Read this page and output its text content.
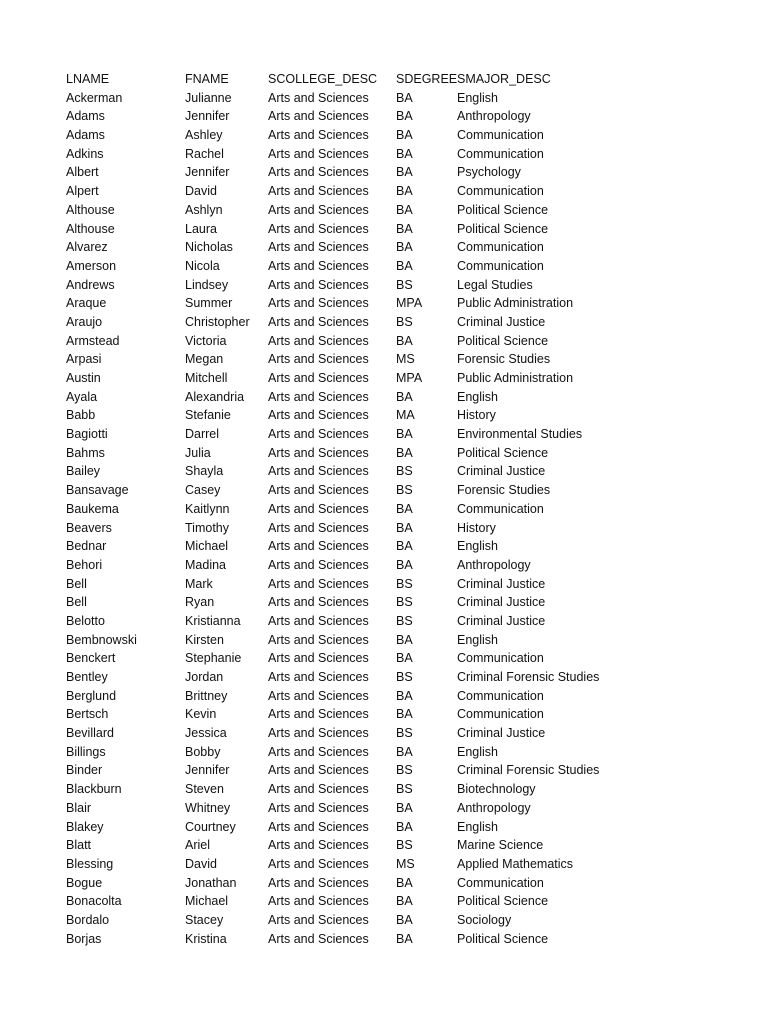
LNAME	FNAME	SCOLLEGE_DESC SDEGREE SMAJOR_DESC
Ackerman	Julianne	Arts and Sciences BA	English
Adams	Jennifer	Arts and Sciences BA	Anthropology
Adams	Ashley	Arts and Sciences BA	Communication
Adkins	Rachel	Arts and Sciences BA	Communication
Albert	Jennifer	Arts and Sciences BA	Psychology
Alpert	David	Arts and Sciences BA	Communication
Althouse	Ashlyn	Arts and Sciences BA	Political Science
Althouse	Laura	Arts and Sciences BA	Political Science
Alvarez	Nicholas	Arts and Sciences BA	Communication
Amerson	Nicola	Arts and Sciences BA	Communication
Andrews	Lindsey	Arts and Sciences BS	Legal Studies
Araque	Summer	Arts and Sciences MPA	Public Administration
Araujo	Christopher Arts and Sciences BS	Criminal Justice
Armstead	Victoria	Arts and Sciences BA	Political Science
Arpasi	Megan	Arts and Sciences MS	Forensic Studies
Austin	Mitchell	Arts and Sciences MPA	Public Administration
Ayala	Alexandria Arts and Sciences BA	English
Babb	Stefanie	Arts and Sciences MA	History
Bagiotti	Darrel	Arts and Sciences BA	Environmental Studies
Bahms	Julia	Arts and Sciences BA	Political Science
Bailey	Shayla	Arts and Sciences BS	Criminal Justice
Bansavage	Casey	Arts and Sciences BS	Forensic Studies
Baukema	Kaitlynn	Arts and Sciences BA	Communication
Beavers	Timothy	Arts and Sciences BA	History
Bednar	Michael	Arts and Sciences BA	English
Behori	Madina	Arts and Sciences BA	Anthropology
Bell	Mark	Arts and Sciences BS	Criminal Justice
Bell	Ryan	Arts and Sciences BS	Criminal Justice
Belotto	Kristianna Arts and Sciences BS	Criminal Justice
Bembnowski	Kirsten	Arts and Sciences BA	English
Benckert	Stephanie Arts and Sciences BA	Communication
Bentley	Jordan	Arts and Sciences BS	Criminal Forensic Studies
Berglund	Brittney	Arts and Sciences BA	Communication
Bertsch	Kevin	Arts and Sciences BA	Communication
Bevillard	Jessica	Arts and Sciences BS	Criminal Justice
Billings	Bobby	Arts and Sciences BA	English
Binder	Jennifer	Arts and Sciences BS	Criminal Forensic Studies
Blackburn	Steven	Arts and Sciences BS	Biotechnology
Blair	Whitney	Arts and Sciences BA	Anthropology
Blakey	Courtney	Arts and Sciences BA	English
Blatt	Ariel	Arts and Sciences BS	Marine Science
Blessing	David	Arts and Sciences MS	Applied Mathematics
Bogue	Jonathan	Arts and Sciences BA	Communication
Bonacolta	Michael	Arts and Sciences BA	Political Science
Bordalo	Stacey	Arts and Sciences BA	Sociology
Borjas	Kristina	Arts and Sciences BA	Political Science
